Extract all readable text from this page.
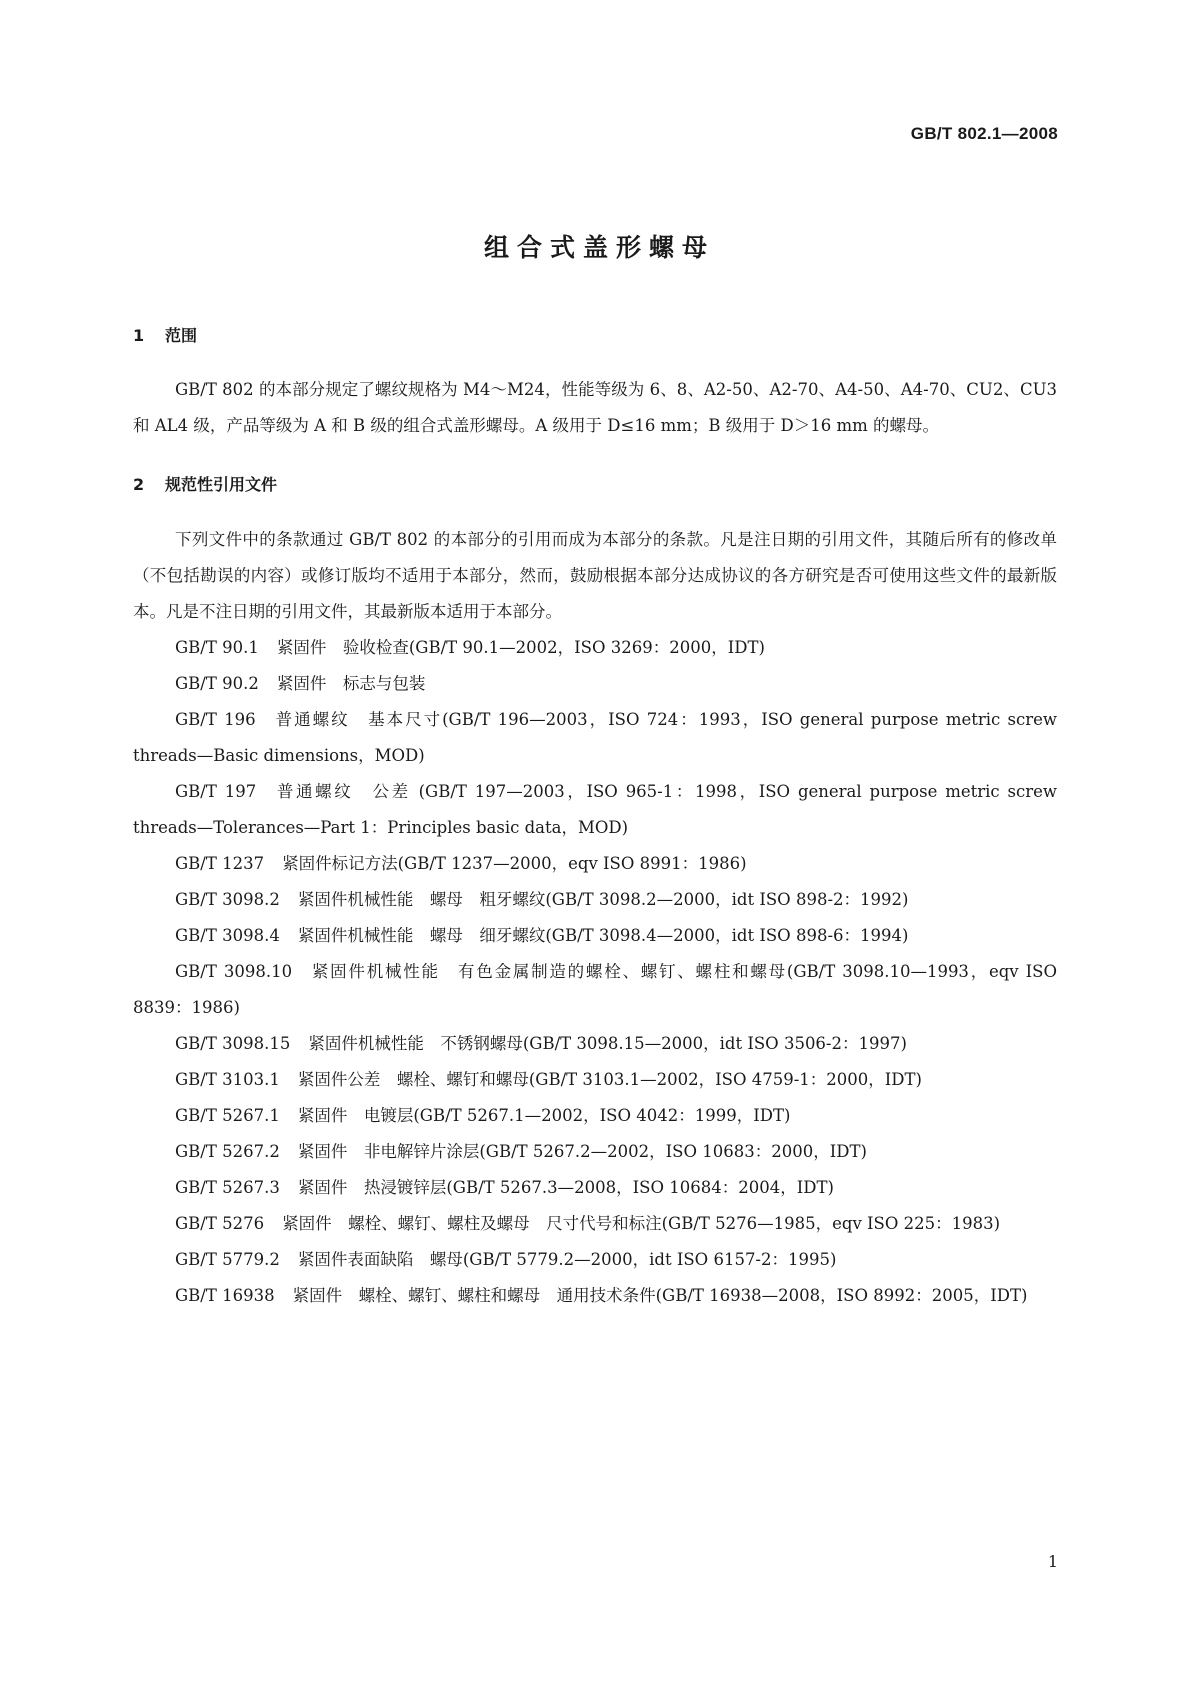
GB/T 802.1—2008
组合式盖形螺母
1 范围

GB/T 802 的本部分规定了螺纹规格为 M4～M24，性能等级为 6、8、A2-50、A2-70、A4-50、A4-70、CU2、CU3 和 AL4 级，产品等级为 A 和 B 级的组合式盖形螺母。A 级用于 D≤16 mm；B 级用于 D＞16 mm 的螺母。

2 规范性引用文件

下列文件中的条款通过 GB/T 802 的本部分的引用而成为本部分的条款。凡是注日期的引用文件，其随后所有的修改单（不包括勘误的内容）或修订版均不适用于本部分，然而，鼓励根据本部分达成协议的各方研究是否可使用这些文件的最新版本。凡是不注日期的引用文件，其最新版本适用于本部分。

GB/T 90.1 紧固件　验收检查(GB/T 90.1—2002，ISO 3269：2000，IDT)
GB/T 90.2 紧固件　标志与包装
GB/T 196 普通螺纹　基本尺寸(GB/T 196—2003，ISO 724：1993，ISO general purpose metric screw threads—Basic dimensions，MOD)
GB/T 197 普通螺纹　公差 (GB/T 197—2003，ISO 965-1：1998，ISO general purpose metric screw threads—Tolerances—Part 1：Principles basic data，MOD)
GB/T 1237 紧固件标记方法(GB/T 1237—2000，eqv ISO 8991：1986)
GB/T 3098.2 紧固件机械性能　螺母　粗牙螺纹(GB/T 3098.2—2000，idt ISO 898-2：1992)
GB/T 3098.4 紧固件机械性能　螺母　细牙螺纹(GB/T 3098.4—2000，idt ISO 898-6：1994)
GB/T 3098.10 紧固件机械性能　有色金属制造的螺栓、螺钉、螺柱和螺母(GB/T 3098.10—1993，eqv ISO 8839：1986)
GB/T 3098.15 紧固件机械性能　不锈钢螺母(GB/T 3098.15—2000，idt ISO 3506-2：1997)
GB/T 3103.1 紧固件公差　螺栓、螺钉和螺母(GB/T 3103.1—2002，ISO 4759-1：2000，IDT)
GB/T 5267.1 紧固件　电镀层(GB/T 5267.1—2002，ISO 4042：1999，IDT)
GB/T 5267.2 紧固件　非电解锌片涂层(GB/T 5267.2—2002，ISO 10683：2000，IDT)
GB/T 5267.3 紧固件　热浸镀锌层(GB/T 5267.3—2008，ISO 10684：2004，IDT)
GB/T 5276 紧固件　螺栓、螺钉、螺柱及螺母　尺寸代号和标注(GB/T 5276—1985，eqv ISO 225：1983)
GB/T 5779.2 紧固件表面缺陷　螺母(GB/T 5779.2—2000，idt ISO 6157-2：1995)
GB/T 16938 紧固件　螺栓、螺钉、螺柱和螺母　通用技术条件(GB/T 16938—2008，ISO 8992：2005，IDT)
1
